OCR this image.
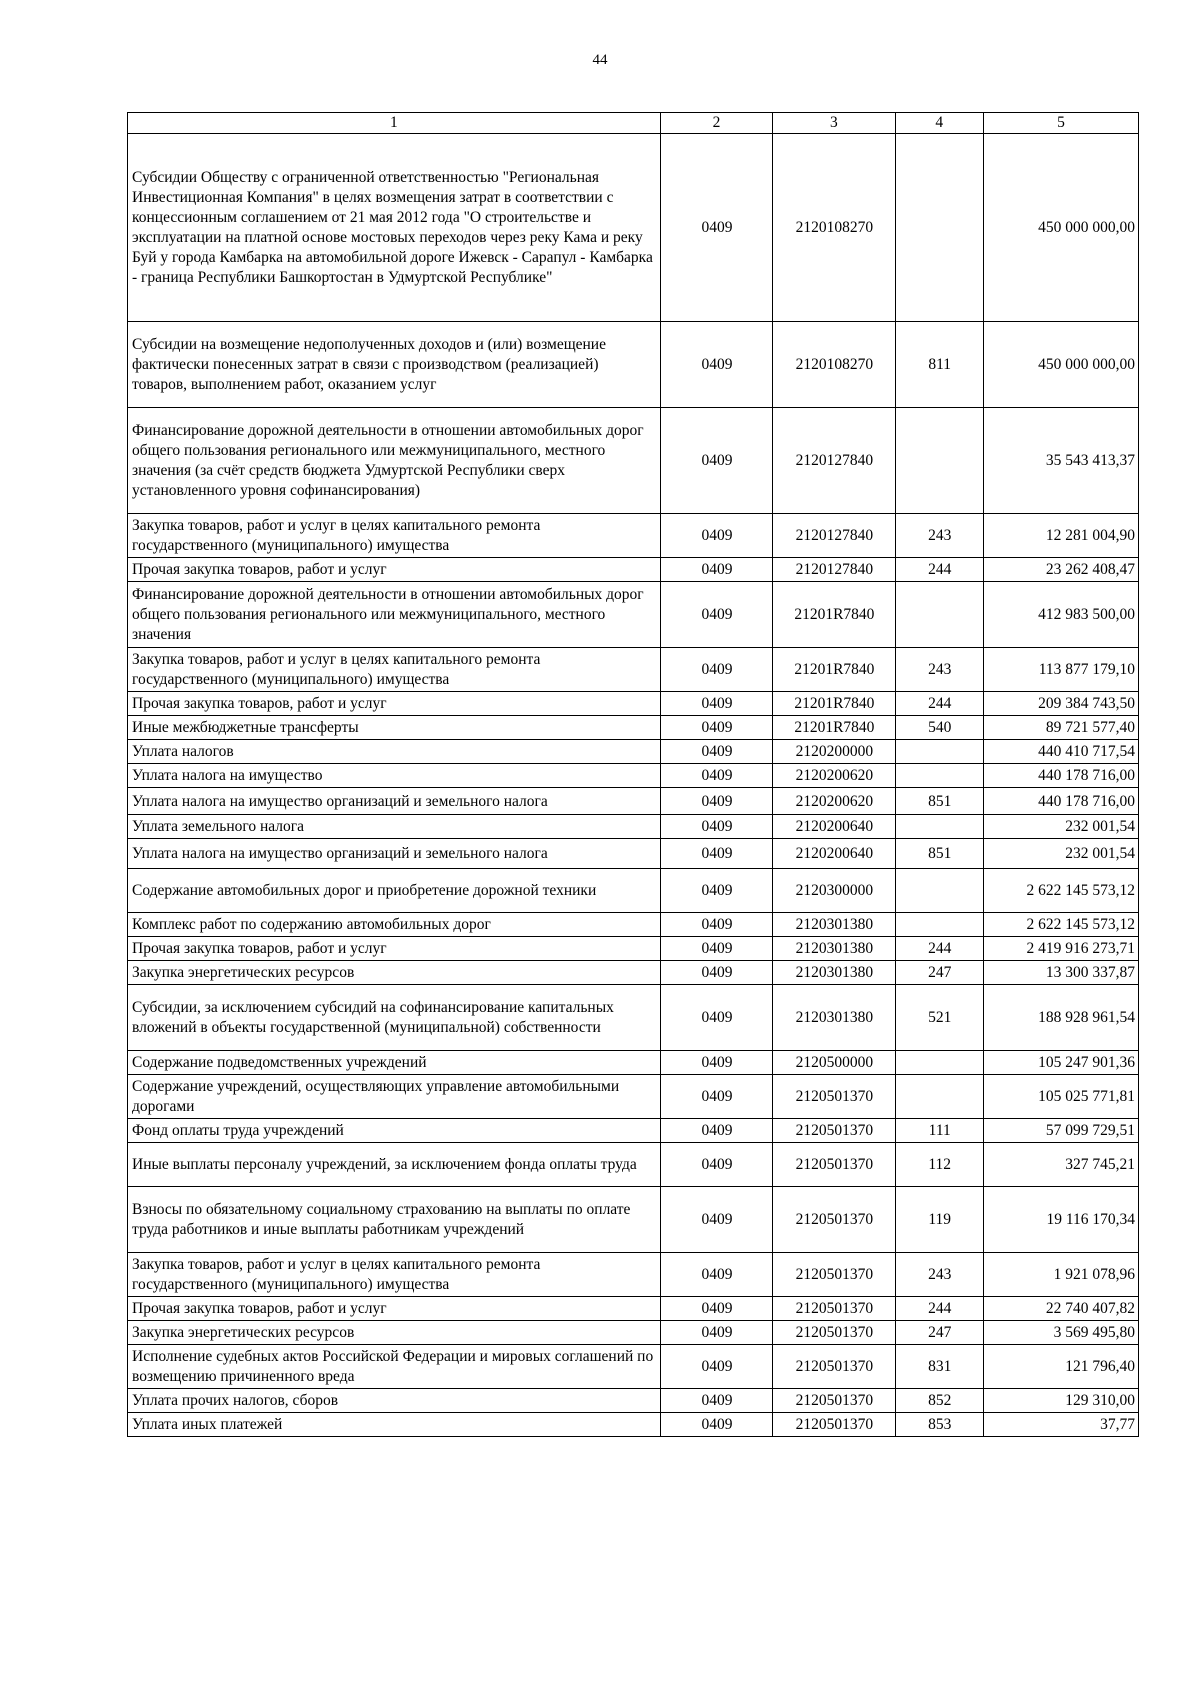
44
1	2	3	4	5
Субсидии Обществу с ограниченной ответственностью "Региональная Инвестиционная Компания" в целях возмещения затрат в соответствии с концессионным соглашением от 21 мая 2012 года "О строительстве и эксплуатации на платной основе мостовых переходов через реку Кама и реку Буй у города Камбарка на автомобильной дороге Ижевск - Сарапул - Камбарка - граница Республики Башкортостан в Удмуртской Республике"	0409	2120108270		450 000 000,00
Субсидии на возмещение недополученных доходов и (или) возмещение фактически понесенных затрат в связи с производством (реализацией) товаров, выполнением работ, оказанием услуг	0409	2120108270	811	450 000 000,00
Финансирование дорожной деятельности в отношении автомобильных дорог общего пользования регионального или межмуниципального, местного значения (за счёт средств бюджета Удмуртской Республики сверх установленного уровня софинансирования)	0409	2120127840		35 543 413,37
Закупка товаров, работ и услуг в целях капитального ремонта государственного (муниципального) имущества	0409	2120127840	243	12 281 004,90
Прочая закупка товаров, работ и услуг	0409	2120127840	244	23 262 408,47
Финансирование дорожной деятельности в отношении автомобильных дорог общего пользования регионального или межмуниципального, местного значения	0409	21201R7840		412 983 500,00
Закупка товаров, работ и услуг в целях капитального ремонта государственного (муниципального) имущества	0409	21201R7840	243	113 877 179,10
Прочая закупка товаров, работ и услуг	0409	21201R7840	244	209 384 743,50
Иные межбюджетные трансферты	0409	21201R7840	540	89 721 577,40
Уплата налогов	0409	2120200000		440 410 717,54
Уплата налога на имущество	0409	2120200620		440 178 716,00
Уплата налога на имущество организаций и земельного налога	0409	2120200620	851	440 178 716,00
Уплата земельного налога	0409	2120200640		232 001,54
Уплата налога на имущество организаций и земельного налога	0409	2120200640	851	232 001,54
Содержание автомобильных дорог и приобретение дорожной техники	0409	2120300000		2 622 145 573,12
Комплекс работ по содержанию автомобильных дорог	0409	2120301380		2 622 145 573,12
Прочая закупка товаров, работ и услуг	0409	2120301380	244	2 419 916 273,71
Закупка энергетических ресурсов	0409	2120301380	247	13 300 337,87
Субсидии, за исключением субсидий на софинансирование капитальных вложений в объекты государственной (муниципальной) собственности	0409	2120301380	521	188 928 961,54
Содержание подведомственных учреждений	0409	2120500000		105 247 901,36
Содержание учреждений, осуществляющих управление автомобильными дорогами	0409	2120501370		105 025 771,81
Фонд оплаты труда учреждений	0409	2120501370	111	57 099 729,51
Иные выплаты персоналу учреждений, за исключением фонда оплаты труда	0409	2120501370	112	327 745,21
Взносы по обязательному социальному страхованию на выплаты по оплате труда работников и иные выплаты работникам учреждений	0409	2120501370	119	19 116 170,34
Закупка товаров, работ и услуг в целях капитального ремонта государственного (муниципального) имущества	0409	2120501370	243	1 921 078,96
Прочая закупка товаров, работ и услуг	0409	2120501370	244	22 740 407,82
Закупка энергетических ресурсов	0409	2120501370	247	3 569 495,80
Исполнение судебных актов Российской Федерации и мировых соглашений по возмещению причиненного вреда	0409	2120501370	831	121 796,40
Уплата прочих налогов, сборов	0409	2120501370	852	129 310,00
Уплата иных платежей	0409	2120501370	853	37,77
